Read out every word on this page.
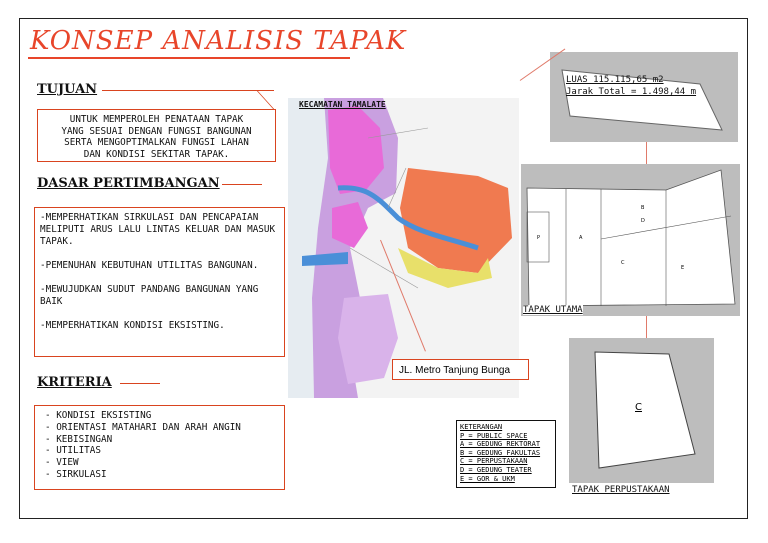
KONSEP ANALISIS TAPAK
TUJUAN
UNTUK MEMPEROLEH PENATAAN TAPAK
YANG SESUAI DENGAN FUNGSI BANGUNAN
SERTA MENGOPTIMALKAN FUNGSI LAHAN
DAN KONDISI SEKITAR TAPAK.
DASAR PERTIMBANGAN

-MEMPERHATIKAN SIRKULASI DAN PENCAPAIAN MELIPUTI ARUS LALU LINTAS KELUAR DAN MASUK TAPAK.

-PEMENUHAN KEBUTUHAN UTILITAS BANGUNAN.

-MEWUJUDKAN SUDUT PANDANG BANGUNAN YANG BAIK

-MEMPERHATIKAN KONDISI EKSISTING.

KRITERIA
- KONDISI EKSISTING
- ORIENTASI MATAHARI DAN ARAH ANGIN
- KEBISINGAN
- UTILITAS
- VIEW
- SIRKULASI
KECAMATAN TAMALATE
JL. Metro Tanjung Bunga
LUAS 115.115,65 m2
Jarak Total = 1.498,44 m
P	A
B
C
D
E
TAPAK UTAMA
C
TAPAK PERPUSTAKAAN
KETERANGAN
P = PUBLIC SPACE
A = GEDUNG REKTORAT
B = GEDUNG FAKULTAS
C = PERPUSTAKAAN
D = GEDUNG TEATER
E = GOR & UKM
